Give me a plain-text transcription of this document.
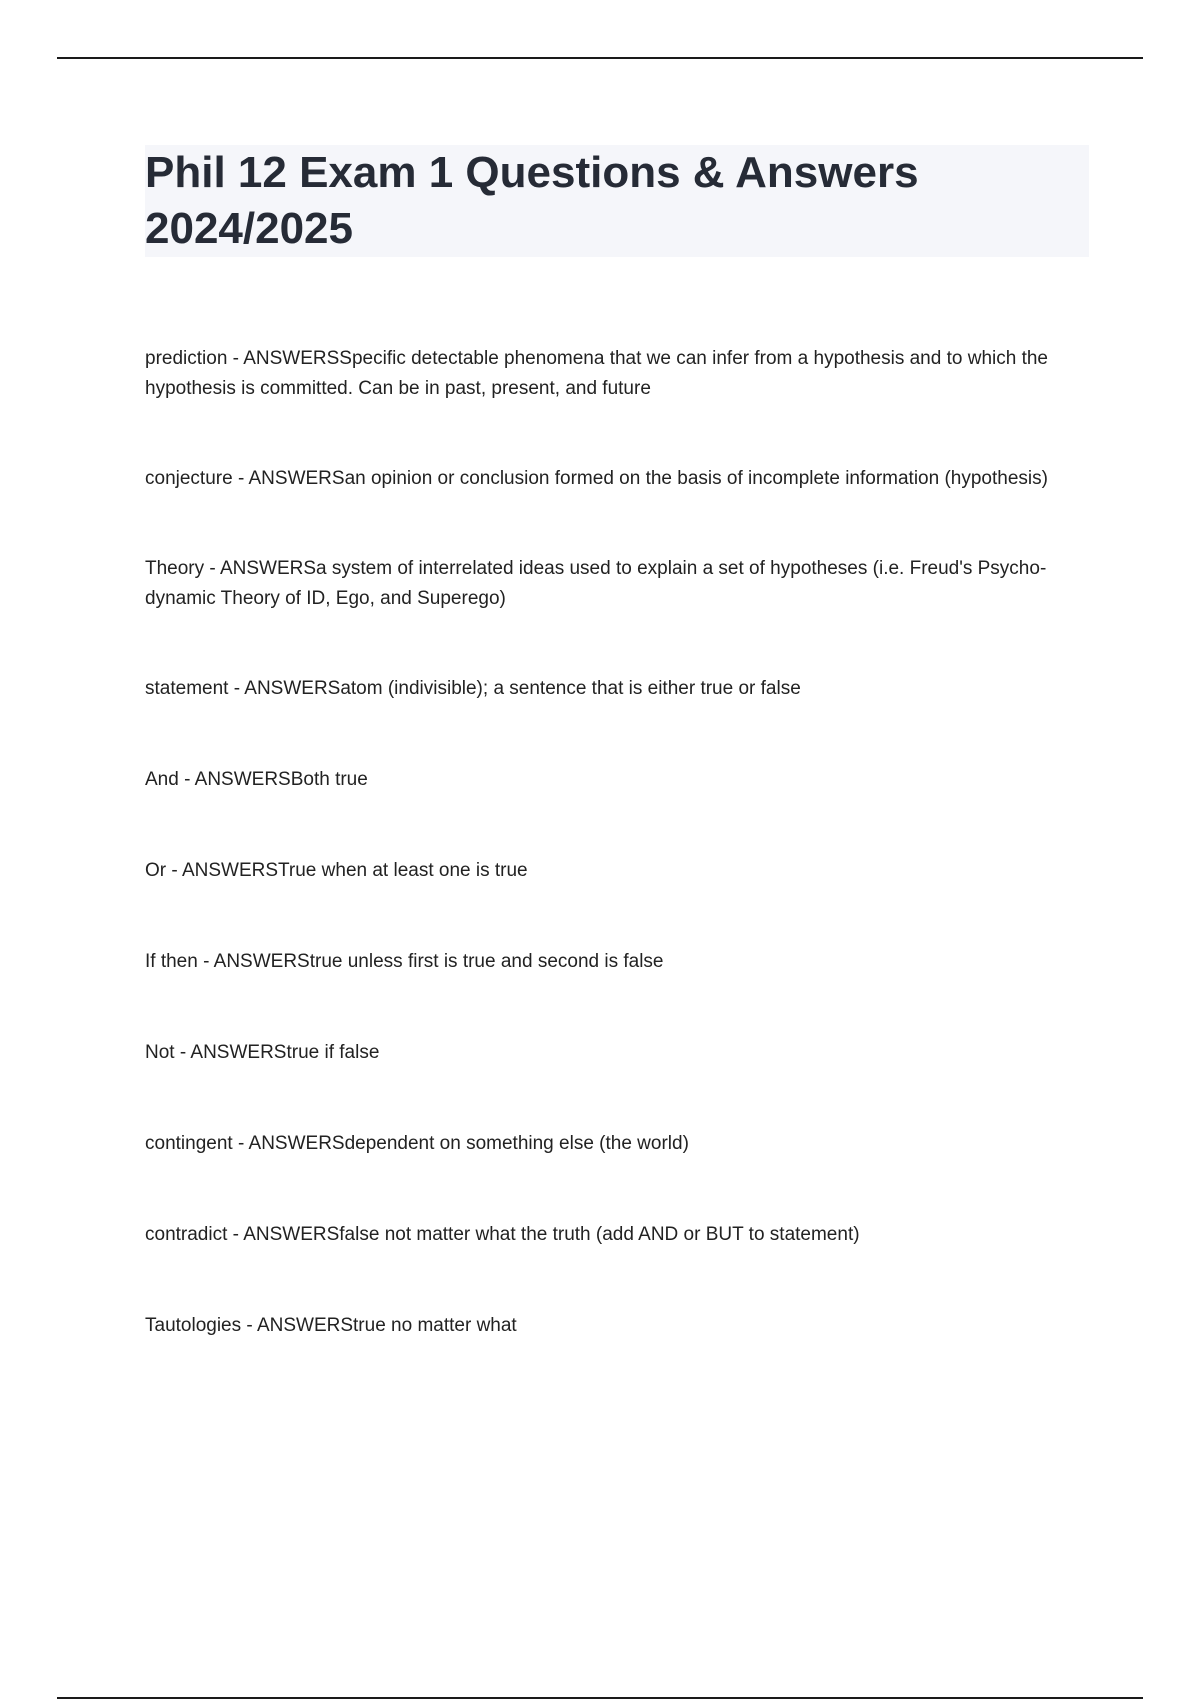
Phil 12 Exam 1 Questions & Answers
2024/2025
prediction - ANSWERSSpecific detectable phenomena that we can infer from a hypothesis and to which the hypothesis is committed. Can be in past, present, and future
conjecture - ANSWERSan opinion or conclusion formed on the basis of incomplete information (hypothesis)
Theory - ANSWERSa system of interrelated ideas used to explain a set of hypotheses (i.e. Freud's Psycho-dynamic Theory of ID, Ego, and Superego)
statement - ANSWERSatom (indivisible); a sentence that is either true or false
And - ANSWERSBoth true
Or - ANSWERSTrue when at least one is true
If then - ANSWERStrue unless first is true and second is false
Not - ANSWERStrue if false
contingent - ANSWERSdependent on something else (the world)
contradict - ANSWERSfalse not matter what the truth (add AND or BUT to statement)
Tautologies - ANSWERStrue no matter what
